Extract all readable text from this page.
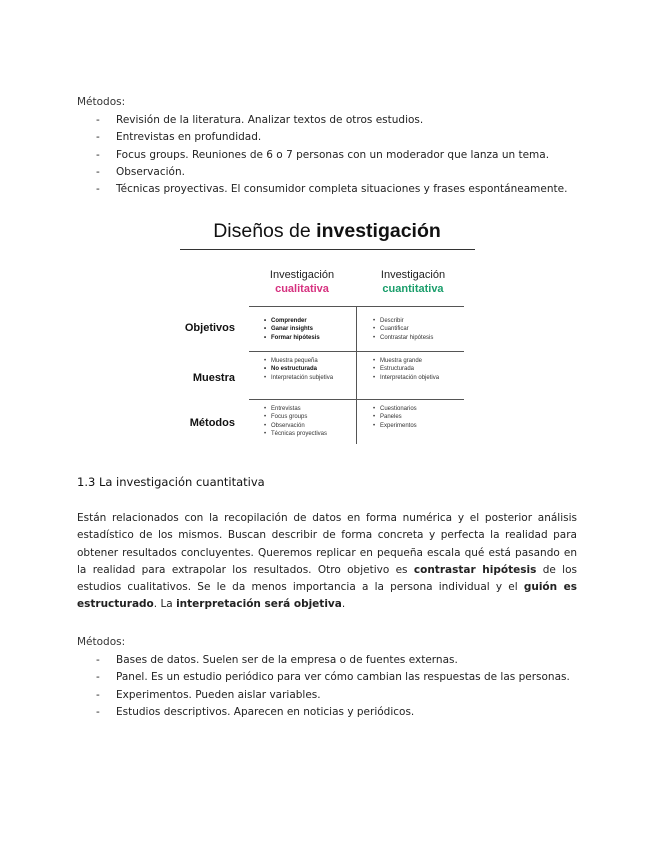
Métodos:
- Revisión de la literatura. Analizar textos de otros estudios.
- Entrevistas en profundidad.
- Focus groups. Reuniones de 6 o 7 personas con un moderador que lanza un tema.
- Observación.
- Técnicas proyectivas. El consumidor completa situaciones y frases espontáneamente.
Diseños de investigación
Investigación
cualitativa
Investigación
cuantitativa
Objetivos
Muestra
Métodos
• Comprender
• Ganar insights
• Formar hipótesis
• Describir
• Cuantificar
• Contrastar hipótesis
• Muestra pequeña
• No estructurada
• Interpretación subjetiva
• Muestra grande
• Estructurada
• Interpretación objetiva
• Entrevistas
• Focus groups
• Observación
• Técnicas proyectivas
• Cuestionarios
• Paneles
• Experimentos
1.3 La investigación cuantitativa
Están relacionados con la recopilación de datos en forma numérica y el posterior análisis estadístico de los mismos. Buscan describir de forma concreta y perfecta la realidad para obtener resultados concluyentes. Queremos replicar en pequeña escala qué está pasando en la realidad para extrapolar los resultados. Otro objetivo es contrastar hipótesis de los estudios cualitativos. Se le da menos importancia a la persona individual y el guión es estructurado. La interpretación será objetiva.
Métodos:
- Bases de datos. Suelen ser de la empresa o de fuentes externas.
- Panel. Es un estudio periódico para ver cómo cambian las respuestas de las personas.
- Experimentos. Pueden aislar variables.
- Estudios descriptivos. Aparecen en noticias y periódicos.
